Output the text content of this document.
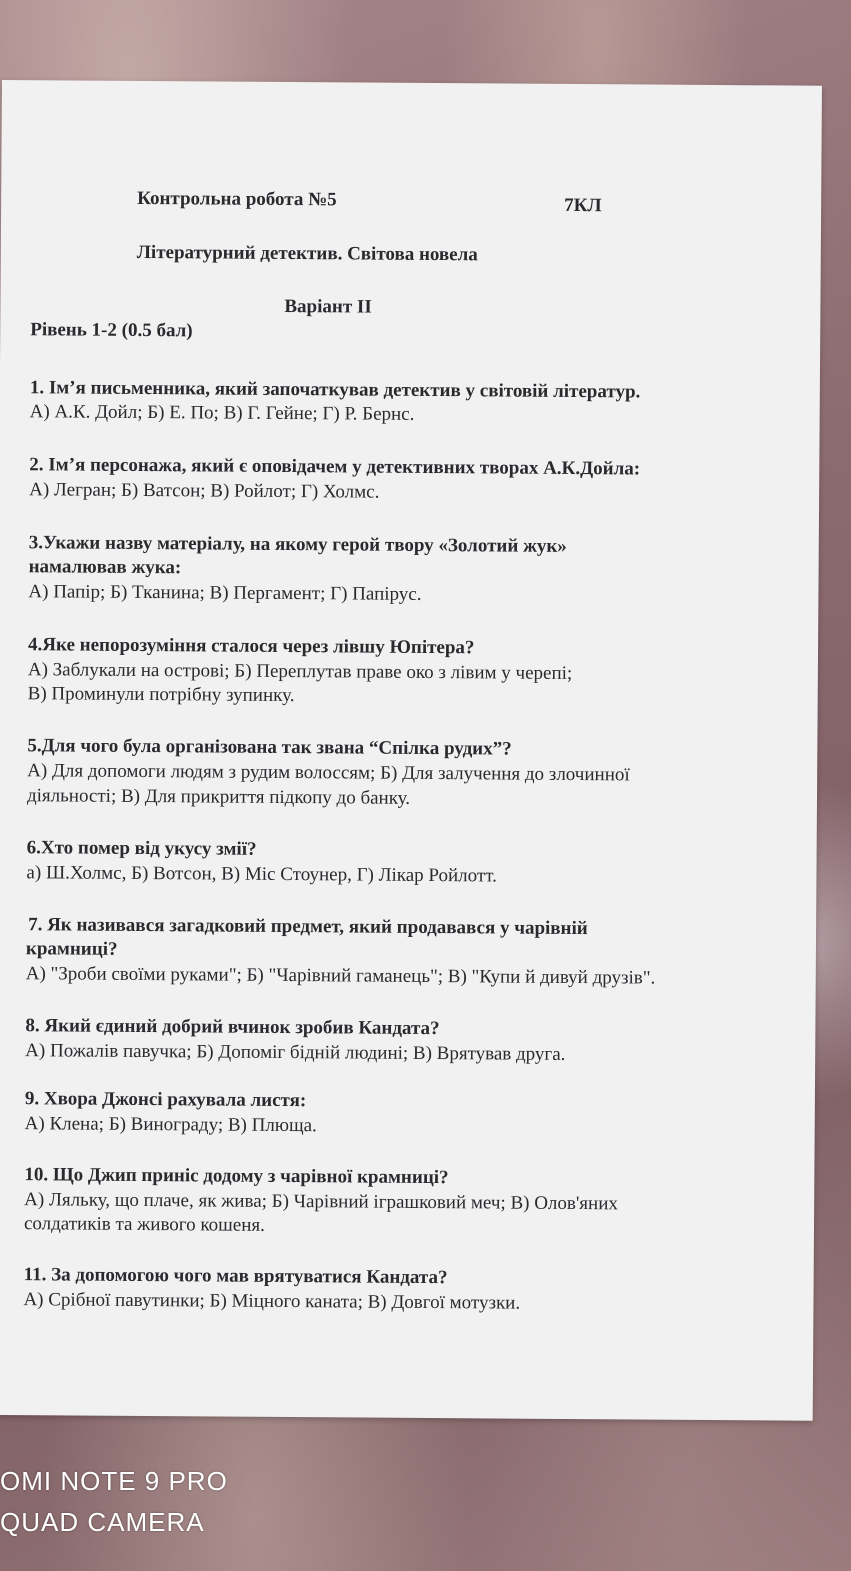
Контрольна робота №5	7КЛ
Літературний детектив. Світова новела
Варіант ІІ
Рівень 1-2 (0.5 бал)
1. Ім’я письменника, який започаткував детектив у світовій літератур.
А) А.К. Дойл; Б) Е. По; В) Г. Гейне; Г) Р. Бернс.
2. Ім’я персонажа, який є оповідачем у детективних творах А.К.Дойла:
А) Легран; Б) Ватсон; В) Ройлот; Г) Холмс.
3.Укажи назву матеріалу, на якому герой твору «Золотий жук»
намалював жука:
А) Папір; Б) Тканина; В) Пергамент; Г) Папірус.
4.Яке непорозуміння сталося через лівшу Юпітера?
А) Заблукали на острові; Б) Переплутав праве око з лівим у черепі;
В) Проминули потрібну зупинку.
5.Для чого була організована так звана “Спілка рудих”?
А) Для допомоги людям з рудим волоссям; Б) Для залучення до злочинної
діяльності; В) Для прикриття підкопу до банку.
6.Хто помер від укусу змії?
а) Ш.Холмс, Б) Вотсон, В) Міс Стоунер, Г) Лікар Ройлотт.
7. Як називався загадковий предмет, який продавався у чарівній
крамниці?
А) "Зроби своїми руками"; Б) "Чарівний гаманець"; В) "Купи й дивуй друзів".
8. Який єдиний добрий вчинок зробив Кандата?
А) Пожалів павучка; Б) Допоміг бідній людині; В) Врятував друга.
9. Хвора Джонсі рахувала листя:
А) Клена; Б) Винограду; В) Плюща.
10. Що Джип приніс додому з чарівної крамниці?
А) Ляльку, що плаче, як жива; Б) Чарівний іграшковий меч; В) Олов'яних
солдатиків та живого кошеня.
11. За допомогою чого мав врятуватися Кандата?
А) Срібної павутинки; Б) Міцного каната; В) Довгої мотузки.
OMI NOTE 9 PRO
QUAD CAMERA
